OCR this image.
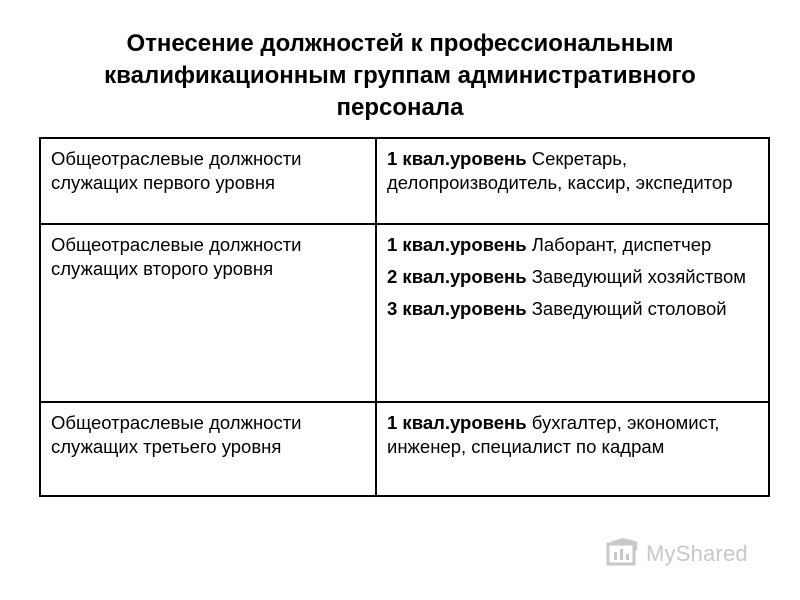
Отнесение должностей к профессиональным
квалификационным группам административного
персонала
Общеотраслевые должности служащих первого уровня	1 квал.уровень Секретарь, делопроизводитель, кассир, экспедитор

Общеотраслевые должности служащих второго уровня	1 квал.уровень Лаборант, диспетчер
2 квал.уровень Заведующий хозяйством
3 квал.уровень Заведующий столовой

Общеотраслевые должности служащих третьего уровня	1 квал.уровень бухгалтер, экономист, инженер, специалист по кадрам
MyShared
